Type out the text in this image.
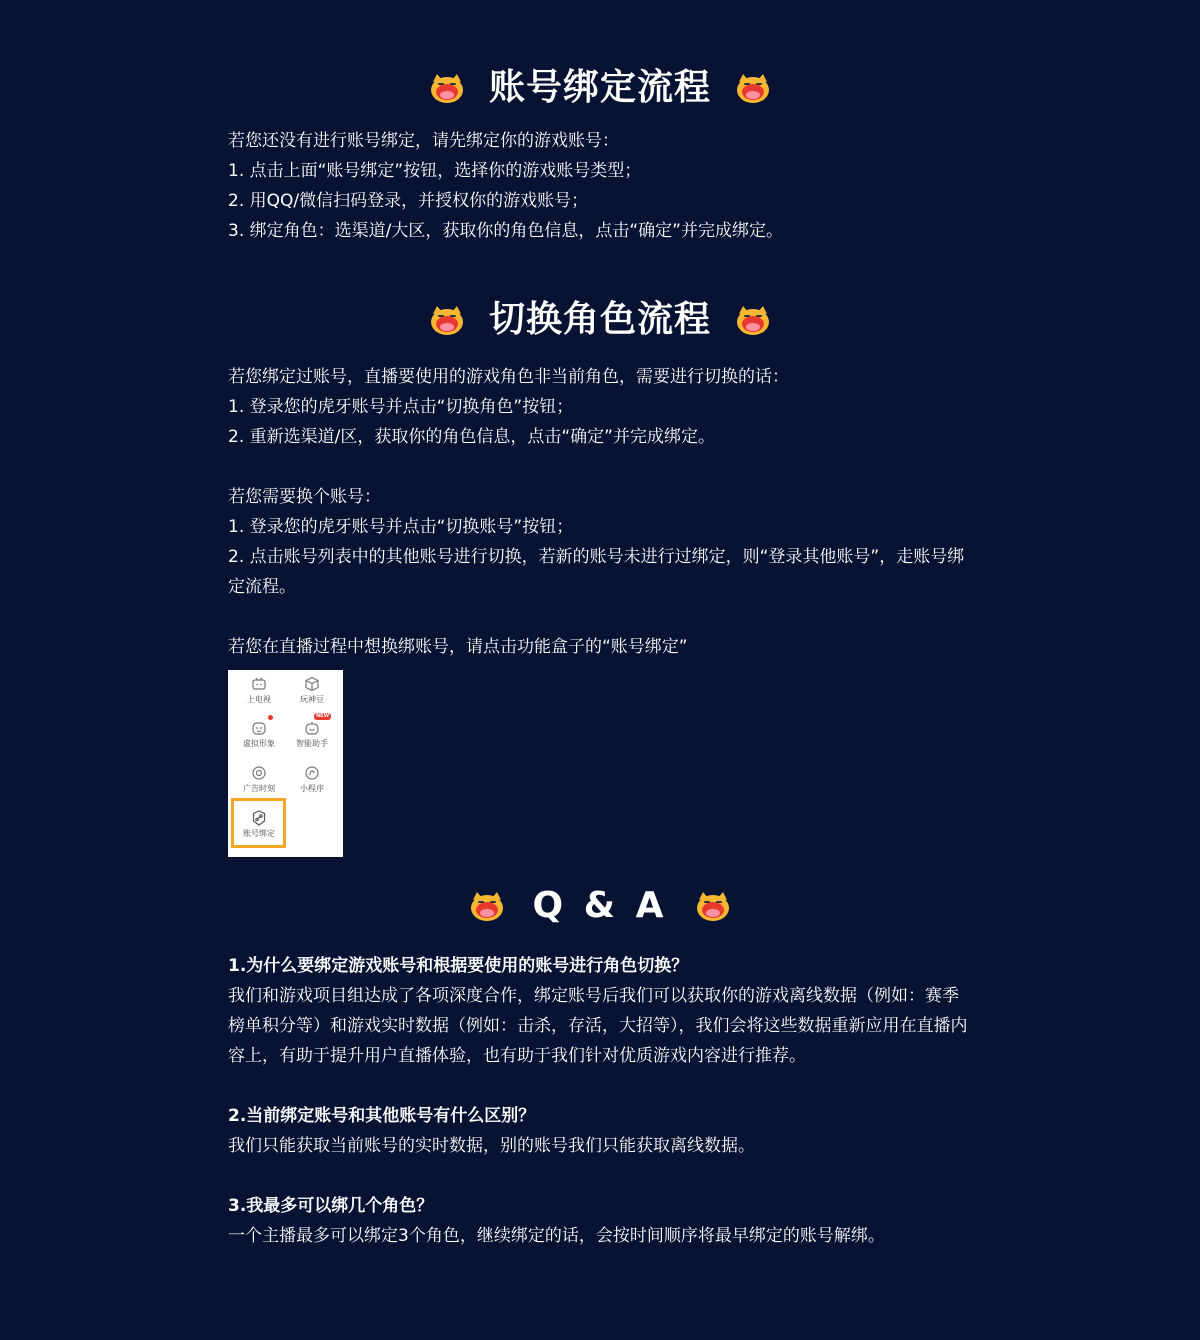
账号绑定流程
若您还没有进行账号绑定，请先绑定你的游戏账号：
1. 点击上面“账号绑定”按钮，选择你的游戏账号类型；
2. 用QQ/微信扫码登录，并授权你的游戏账号；
3. 绑定角色：选渠道/大区，获取你的角色信息，点击“确定”并完成绑定。
切换角色流程
若您绑定过账号，直播要使用的游戏角色非当前角色，需要进行切换的话：
1. 登录您的虎牙账号并点击“切换角色”按钮；
2. 重新选渠道/区，获取你的角色信息，点击“确定”并完成绑定。
若您需要换个账号：
1. 登录您的虎牙账号并点击“切换账号”按钮；
2. 点击账号列表中的其他账号进行切换，若新的账号未进行过绑定，则“登录其他账号”，走账号绑定流程。
若您在直播过程中想换绑账号，请点击功能盒子的“账号绑定”
上电视	玩神豆
虚拟形象
NEW
智能助手
广告时刻	小程序
账号绑定
Q & A
1.为什么要绑定游戏账号和根据要使用的账号进行角色切换？
我们和游戏项目组达成了各项深度合作，绑定账号后我们可以获取你的游戏离线数据（例如：赛季榜单积分等）和游戏实时数据（例如：击杀，存活，大招等），我们会将这些数据重新应用在直播内容上，有助于提升用户直播体验，也有助于我们针对优质游戏内容进行推荐。
2.当前绑定账号和其他账号有什么区别？
我们只能获取当前账号的实时数据，别的账号我们只能获取离线数据。
3.我最多可以绑几个角色？
一个主播最多可以绑定3个角色，继续绑定的话，会按时间顺序将最早绑定的账号解绑。
